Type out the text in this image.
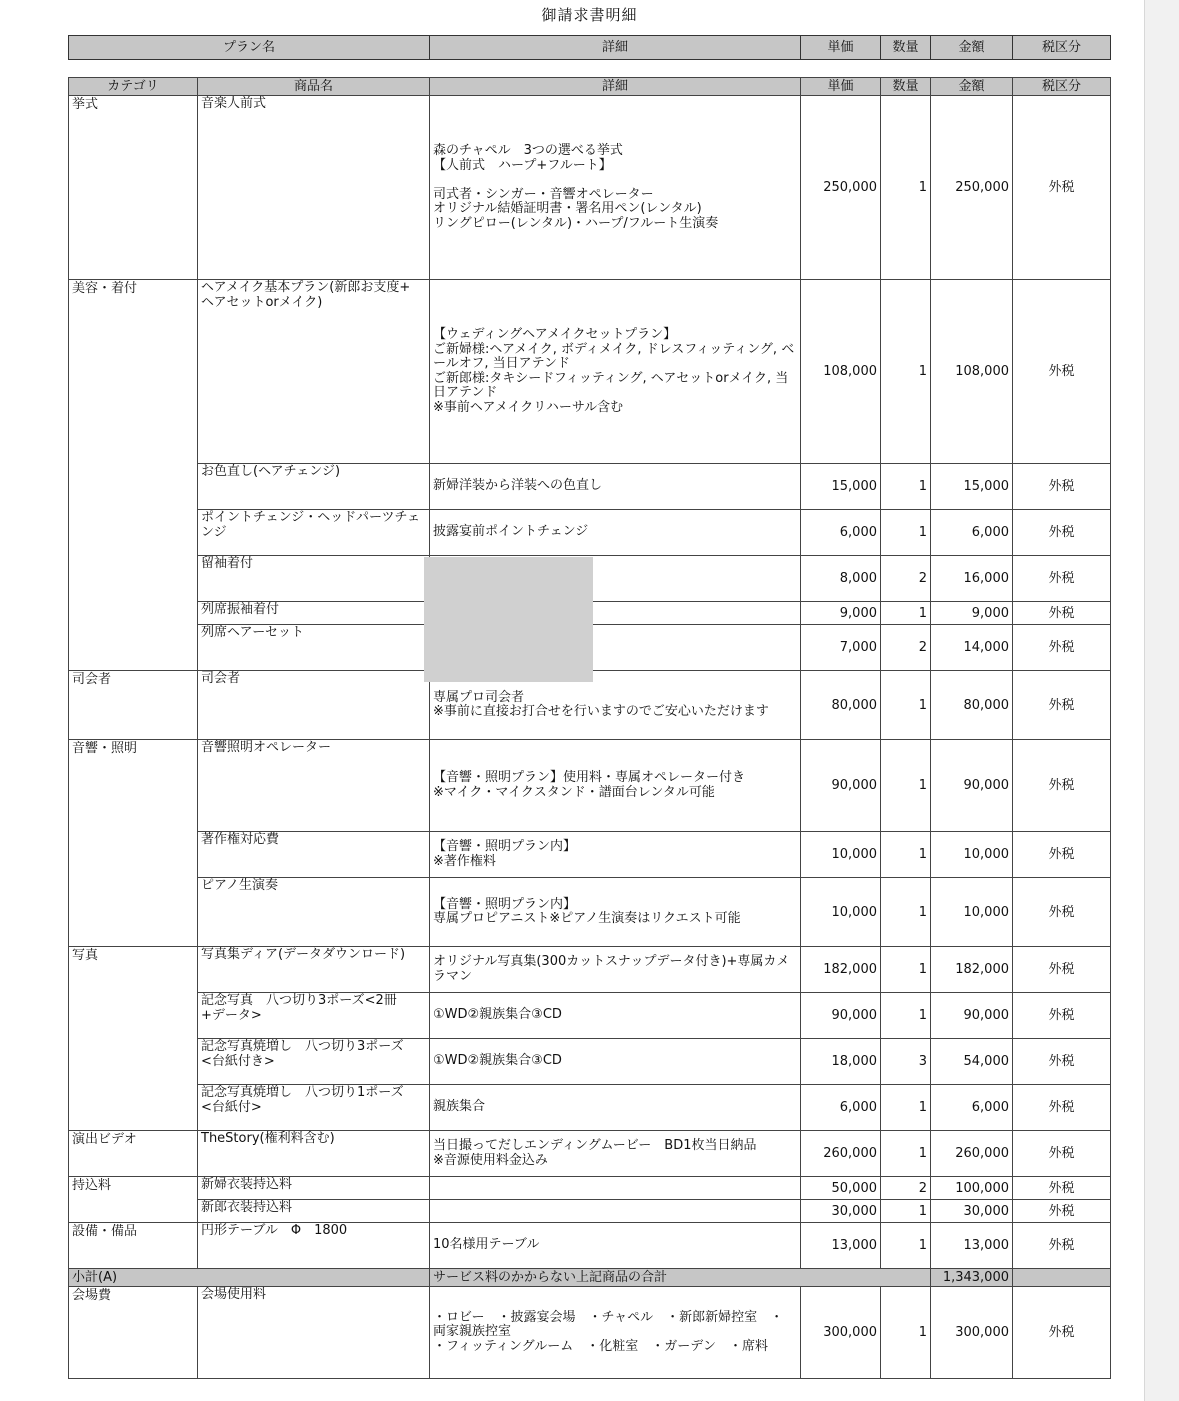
御請求書明細
プラン名	詳細	単価	数量	金額	税区分
カテゴリ	商品名	詳細	単価	数量	金額	税区分
挙式	音楽人前式	森のチャペル　3つの選べる挙式
【人前式　ハープ+フルート】

司式者・シンガー・音響オペレーター
オリジナル結婚証明書・署名用ペン(レンタル)
リングピロー(レンタル)・ハープ/フルート生演奏	250,000	1	250,000	外税
美容・着付	ヘアメイク基本プラン(新郎お支度+
ヘアセットorメイク)	【ウェディングヘアメイクセットプラン】
ご新婦様:ヘアメイク, ボディメイク, ドレスフィッティング, ベールオフ, 当日アテンド
ご新郎様:タキシードフィッティング, ヘアセットorメイク, 当日アテンド
※事前ヘアメイクリハーサル含む	108,000	1	108,000	外税
	お色直し(ヘアチェンジ)	新婦洋装から洋装への色直し	15,000	1	15,000	外税
	ポイントチェンジ・ヘッドパーツチェンジ	披露宴前ポイントチェンジ	6,000	1	6,000	外税
	留袖着付		8,000	2	16,000	外税
	列席振袖着付		9,000	1	9,000	外税
	列席ヘアーセット		7,000	2	14,000	外税
司会者	司会者	専属プロ司会者
※事前に直接お打合せを行いますのでご安心いただけます	80,000	1	80,000	外税
音響・照明	音響照明オペレーター	【音響・照明プラン】使用料・専属オペレーター付き
※マイク・マイクスタンド・譜面台レンタル可能	90,000	1	90,000	外税
	著作権対応費	【音響・照明プラン内】
※著作権料	10,000	1	10,000	外税
	ピアノ生演奏	【音響・照明プラン内】
専属プロピアニスト※ピアノ生演奏はリクエスト可能	10,000	1	10,000	外税
写真	写真集ディア(データダウンロード)	オリジナル写真集(300カットスナップデータ付き)+専属カメラマン	182,000	1	182,000	外税
	記念写真　八つ切り3ポーズ<2冊
+データ>	①WD②親族集合③CD	90,000	1	90,000	外税
	記念写真焼増し　八つ切り3ポーズ
<台紙付き>	①WD②親族集合③CD	18,000	3	54,000	外税
	記念写真焼増し　八つ切り1ポーズ
<台紙付>	親族集合	6,000	1	6,000	外税
演出ビデオ	TheStory(権利料含む)	当日撮ってだしエンディングムービー　BD1枚当日納品
※音源使用料金込み	260,000	1	260,000	外税
持込料	新婦衣装持込料		50,000	2	100,000	外税
	新郎衣装持込料		30,000	1	30,000	外税
設備・備品	円形テーブル　Φ　1800	10名様用テーブル	13,000	1	13,000	外税
小計(A)		サービス料のかからない上記商品の合計			1,343,000	
会場費	会場使用料	・ロビー　・披露宴会場　・チャペル　・新郎新婦控室　・
両家親族控室
・フィッティングルーム　・化粧室　・ガーデン　・席料	300,000	1	300,000	外税
